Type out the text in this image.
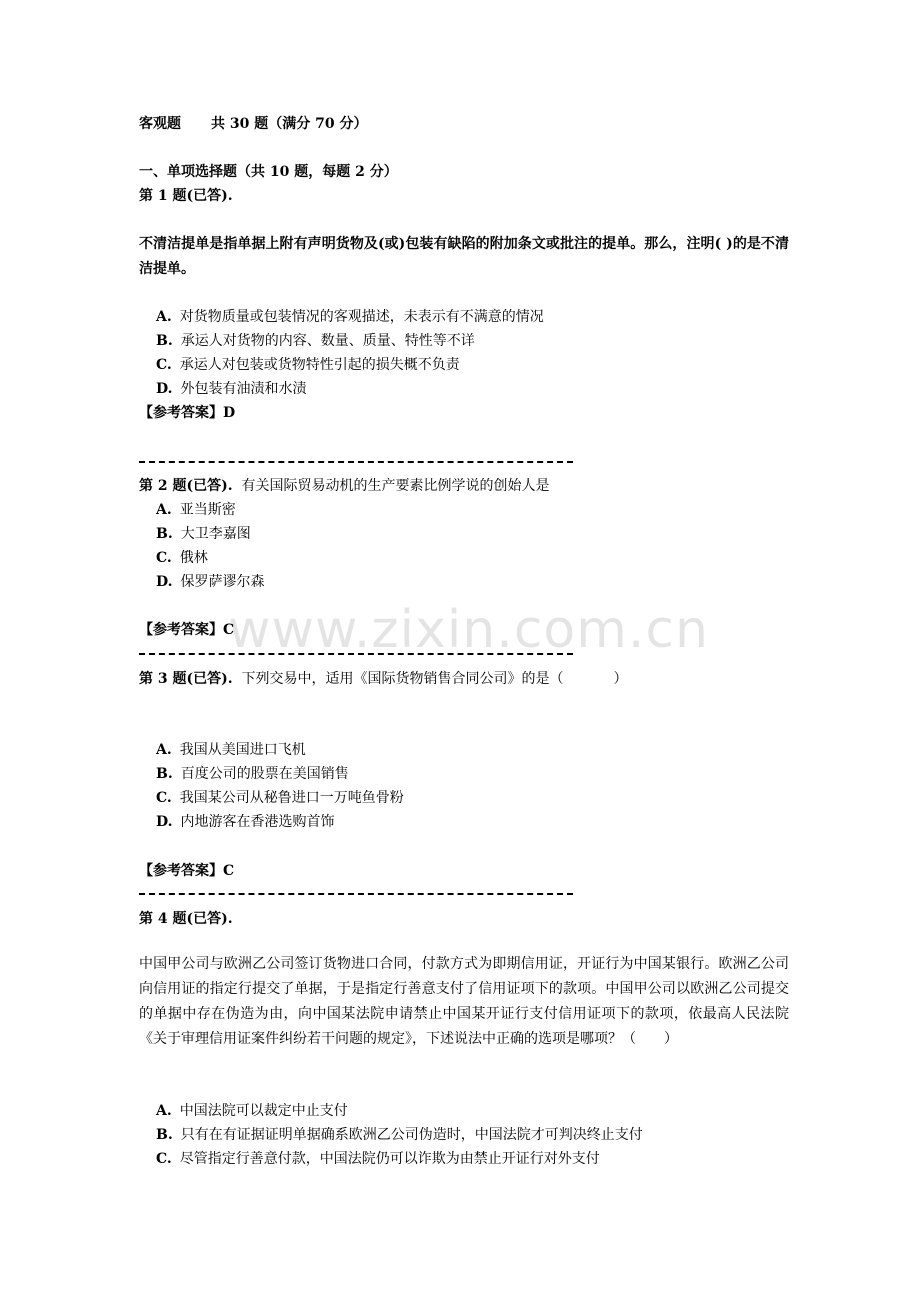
www.zixin.com.cn
客观题 共 30 题（满分 70 分）
一、单项选择题（共 10 题，每题 2 分）
第 1 题(已答).
不清洁提单是指单据上附有声明货物及(或)包装有缺陷的附加条文或批注的提单。那么，注明( )的是不清洁提单。
A. 对货物质量或包装情况的客观描述，未表示有不满意的情况
B. 承运人对货物的内容、数量、质量、特性等不详
C. 承运人对包装或货物特性引起的损失概不负责
D. 外包装有油渍和水渍
【参考答案】D
第 2 题(已答). 有关国际贸易动机的生产要素比例学说的创始人是
A. 亚当斯密
B. 大卫李嘉图
C. 俄林
D. 保罗萨谬尔森
【参考答案】C
第 3 题(已答). 下列交易中，适用《国际货物销售合同公司》的是（	）
A. 我国从美国进口飞机
B. 百度公司的股票在美国销售
C. 我国某公司从秘鲁进口一万吨鱼骨粉
D. 内地游客在香港选购首饰
【参考答案】C
第 4 题(已答).
中国甲公司与欧洲乙公司签订货物进口合同，付款方式为即期信用证，开证行为中国某银行。欧洲乙公司向信用证的指定行提交了单据，于是指定行善意支付了信用证项下的款项。中国甲公司以欧洲乙公司提交的单据中存在伪造为由，向中国某法院申请禁止中国某开证行支付信用证项下的款项，依最高人民法院《关于审理信用证案件纠纷若干问题的规定》，下述说法中正确的选项是哪项？（ ）
A. 中国法院可以裁定中止支付
B. 只有在有证据证明单据确系欧洲乙公司伪造时，中国法院才可判决终止支付
C. 尽管指定行善意付款，中国法院仍可以诈欺为由禁止开证行对外支付
